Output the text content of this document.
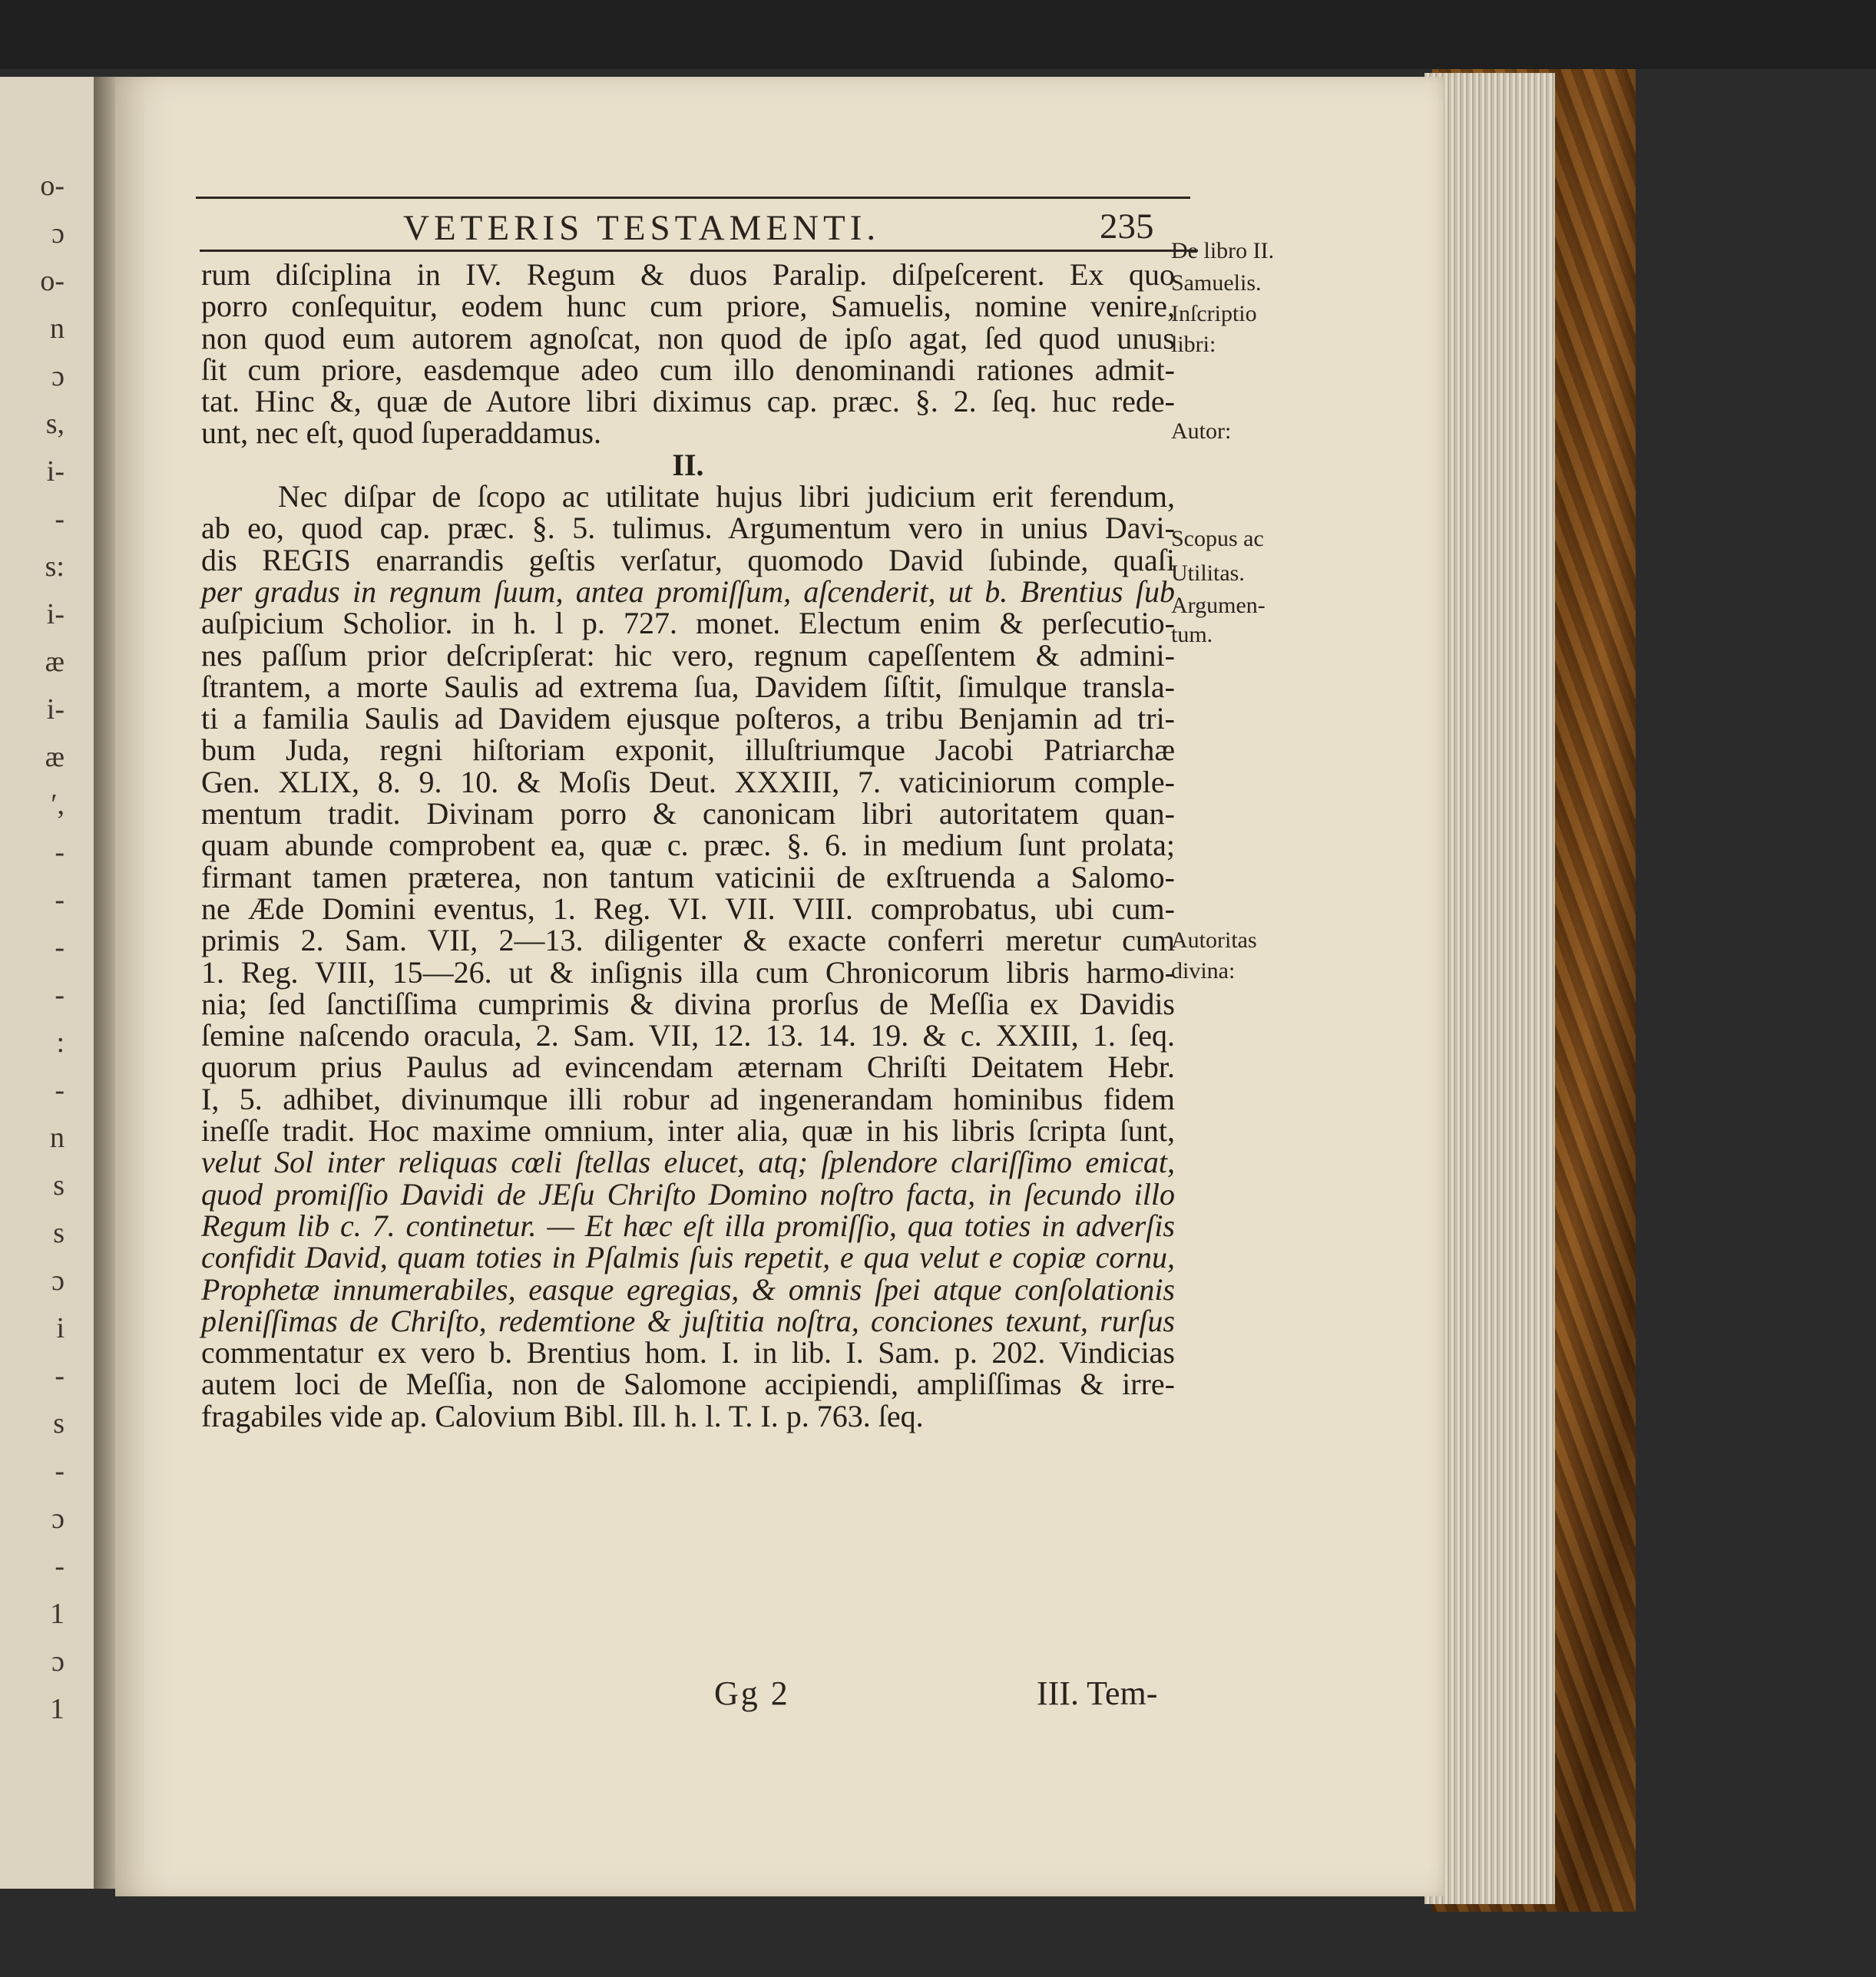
o-
ɔ
o-
n
ɔ
s,
i-
-
s:
i-
æ
i-
æ
′,
-
-
-
-
:
-
n
s
s
ɔ
i
-
s
-
ɔ
-
1
ɔ
1
VETERIS TESTAMENTI.	235
rum diſciplina in IV. Regum & duos Paralip. diſpeſcerent. Ex quo
porro conſequitur, eodem hunc cum priore, Samuelis, nomine venire,
non quod eum autorem agnoſcat, non quod de ipſo agat, ſed quod unus
ſit cum priore, easdemque adeo cum illo denominandi rationes admit-
tat. Hinc &, quæ de Autore libri diximus cap. præc. §. 2. ſeq. huc rede-
unt, nec eſt, quod ſuperaddamus.
II.
Nec diſpar de ſcopo ac utilitate hujus libri judicium erit ferendum,
ab eo, quod cap. præc. §. 5. tulimus. Argumentum vero in unius Davi-
dis REGIS enarrandis geſtis verſatur, quomodo David ſubinde, quaſi
per gradus in regnum ſuum, antea promiſſum, aſcenderit, ut b. Brentius ſub
auſpicium Scholior. in h. l p. 727. monet. Electum enim & perſecutio-
nes paſſum prior deſcripſerat: hic vero, regnum capeſſentem & admini-
ſtrantem, a morte Saulis ad extrema ſua, Davidem ſiſtit, ſimulque transla-
ti a familia Saulis ad Davidem ejusque poſteros, a tribu Benjamin ad tri-
bum Juda, regni hiſtoriam exponit, illuſtriumque Jacobi Patriarchæ
Gen. XLIX, 8. 9. 10. & Moſis Deut. XXXIII, 7. vaticiniorum comple-
mentum tradit. Divinam porro & canonicam libri autoritatem quan-
quam abunde comprobent ea, quæ c. præc. §. 6. in medium ſunt prolata;
firmant tamen præterea, non tantum vaticinii de exſtruenda a Salomo-
ne Æde Domini eventus, 1. Reg. VI. VII. VIII. comprobatus, ubi cum-
primis 2. Sam. VII, 2—13. diligenter & exacte conferri meretur cum
1. Reg. VIII, 15—26. ut & inſignis illa cum Chronicorum libris harmo-
nia; ſed ſanctiſſima cumprimis & divina prorſus de Meſſia ex Davidis
ſemine naſcendo oracula, 2. Sam. VII, 12. 13. 14. 19. & c. XXIII, 1. ſeq.
quorum prius Paulus ad evincendam æternam Chriſti Deitatem Hebr.
I, 5. adhibet, divinumque illi robur ad ingenerandam hominibus fidem
ineſſe tradit. Hoc maxime omnium, inter alia, quæ in his libris ſcripta ſunt,
velut Sol inter reliquas cœli ſtellas elucet, atq; ſplendore clariſſimo emicat,
quod promiſſio Davidi de JEſu Chriſto Domino noſtro facta, in ſecundo illo
Regum lib c. 7. continetur. — Et hæc eſt illa promiſſio, qua toties in adverſis
confidit David, quam toties in Pſalmis ſuis repetit, e qua velut e copiæ cornu,
Prophetæ innumerabiles, easque egregias, & omnis ſpei atque conſolationis
pleniſſimas de Chriſto, redemtione & juſtitia noſtra, conciones texunt, rurſus
commentatur ex vero b. Brentius hom. I. in lib. I. Sam. p. 202. Vindicias
autem loci de Meſſia, non de Salomone accipiendi, ampliſſimas & irre-
fragabiles vide ap. Calovium Bibl. Ill. h. l. T. I. p. 763. ſeq.
De libro II.
Samuelis.
Inſcriptio
libri:
Autor:
Scopus ac
Utilitas.
Argumen-
tum.
Autoritas
divina:
Gg 2	III. Tem-
